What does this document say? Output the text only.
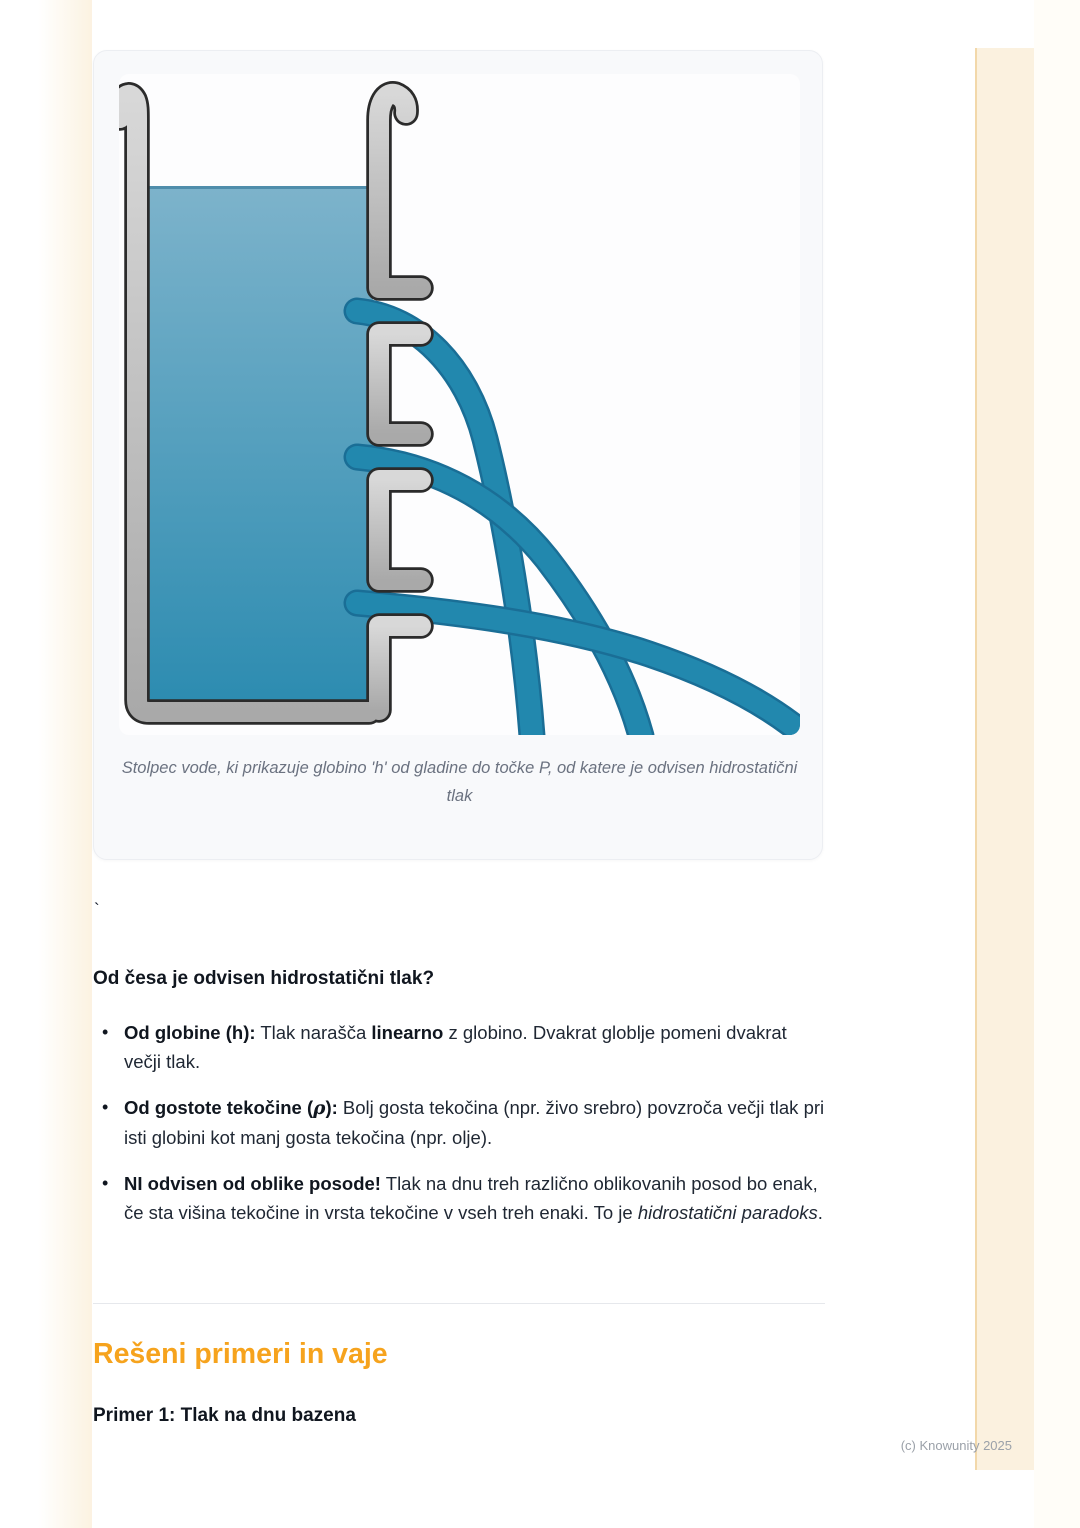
Stolpec vode, ki prikazuje globino 'h' od gladine do točke P, od katere je odvisen hidrostatični tlak
`
Od česa je odvisen hidrostatični tlak?
• Od globine (h): Tlak narašča linearno z globino. Dvakrat globlje pomeni dvakrat večji tlak.
• Od gostote tekočine (ρ): Bolj gosta tekočina (npr. živo srebro) povzroča večji tlak pri isti globini kot manj gosta tekočina (npr. olje).
• NI odvisen od oblike posode! Tlak na dnu treh različno oblikovanih posod bo enak, če sta višina tekočine in vrsta tekočine v vseh treh enaki. To je hidrostatični paradoks.
Rešeni primeri in vaje

Primer 1: Tlak na dnu bazena

(c) Knowunity 2025
